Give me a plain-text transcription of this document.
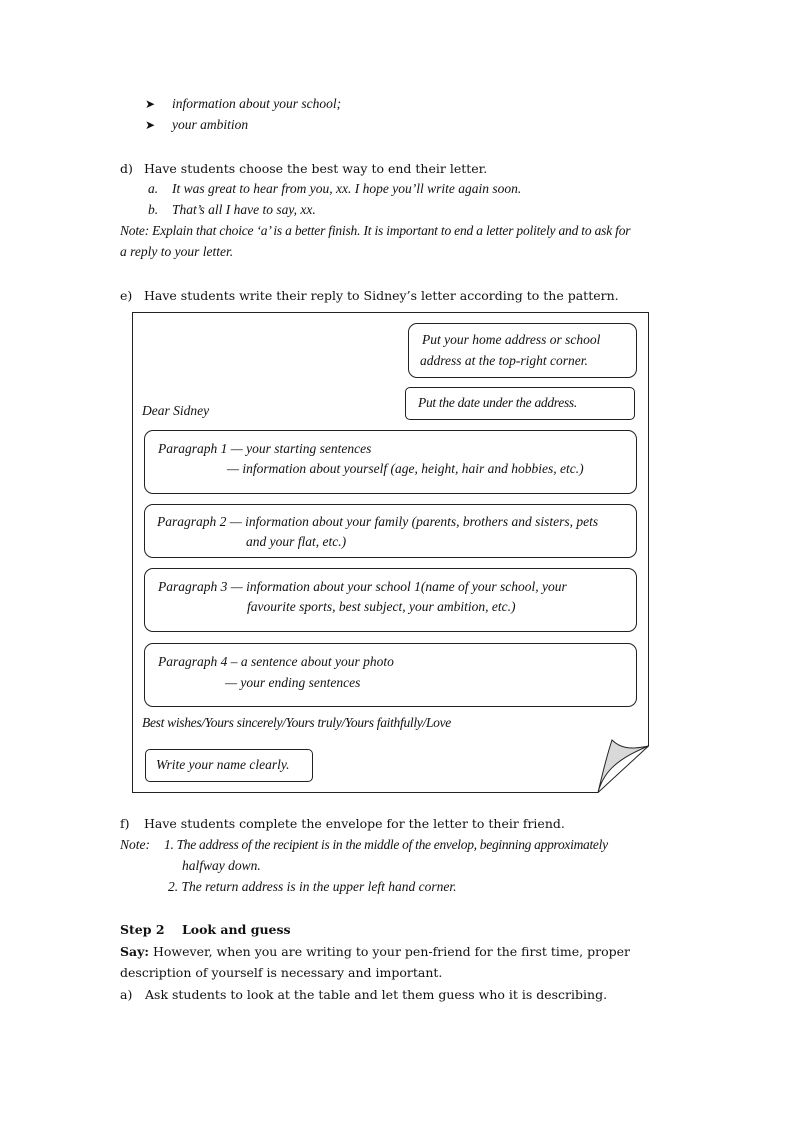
➤ information about your school;
➤ your ambition
d) Have students choose the best way to end their letter.
a. It was great to hear from you, xx. I hope you’ll write again soon.
b. That’s all I have to say, xx.
Note: Explain that choice ‘a’ is a better finish. It is important to end a letter politely and to ask for
a reply to your letter.
e) Have students write their reply to Sidney’s letter according to the pattern.
Put your home address or school
address at the top-right corner.
Put the date under the address.
Dear Sidney
Paragraph 1 — your starting sentences
— information about yourself (age, height, hair and hobbies, etc.)
Paragraph 2 — information about your family (parents, brothers and sisters, pets
and your flat, etc.)
Paragraph 3 — information about your school 1(name of your school, your
favourite sports, best subject, your ambition, etc.)
Paragraph 4 – a sentence about your photo
— your ending sentences
Best wishes/Yours sincerely/Yours truly/Yours faithfully/Love
Write your name clearly.
f) Have students complete the envelope for the letter to their friend.
Note: 1. The address of the recipient is in the middle of the envelop, beginning approximately
halfway down.
2. The return address is in the upper left hand corner.
Step 2    Look and guess
Say: However, when you are writing to your pen-friend for the first time, proper
description of yourself is necessary and important.
a) Ask students to look at the table and let them guess who it is describing.
